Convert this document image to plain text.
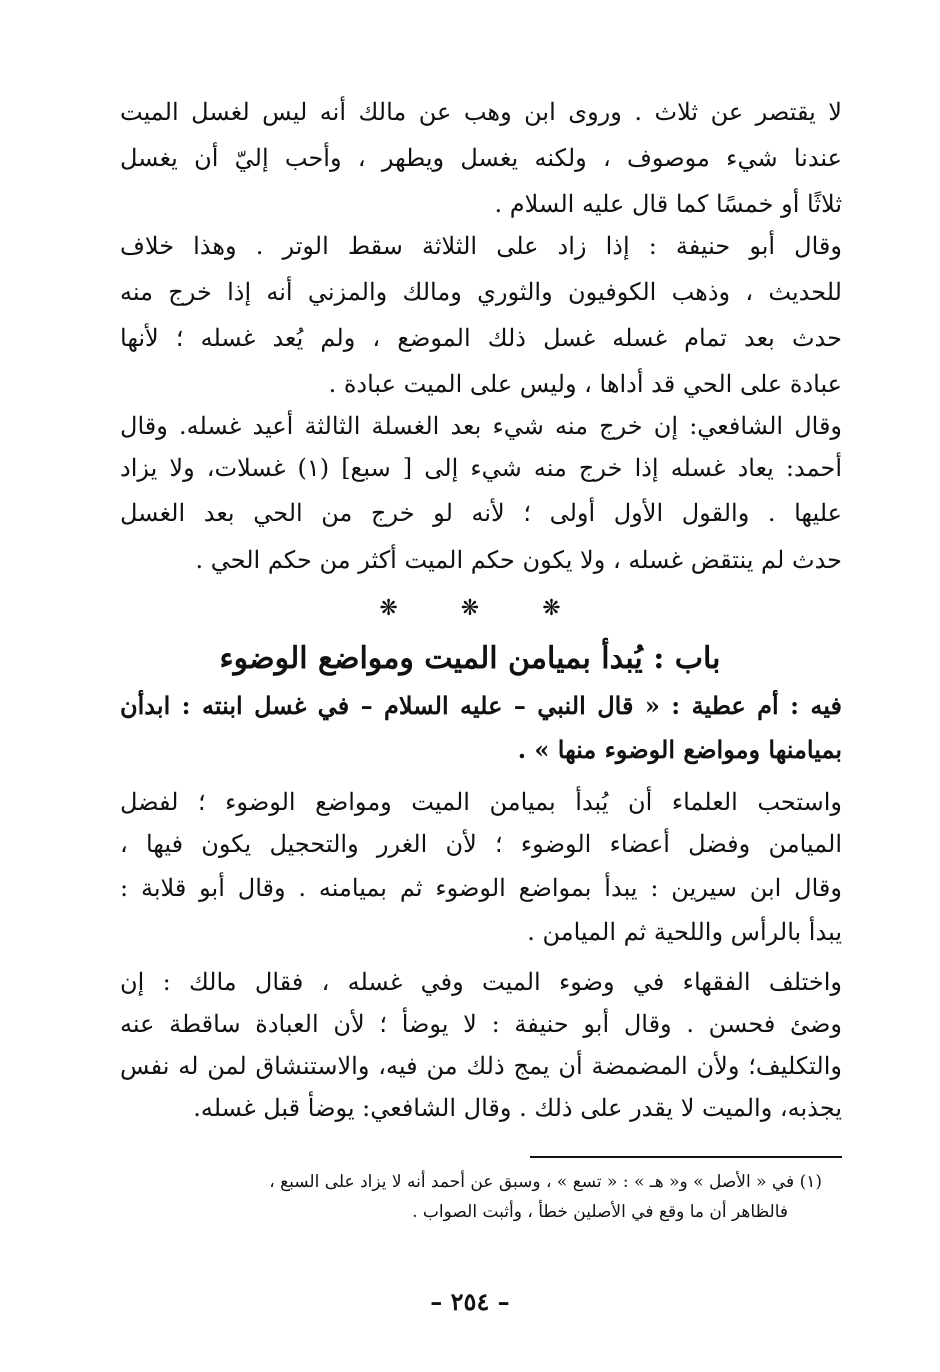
لا يقتصر عن ثلاث . وروى ابن وهب عن مالك أنه ليس لغسل الميت
عندنا شيء موصوف ، ولكنه يغسل ويطهر ، وأحب إليّ أن يغسل
ثلاثًا أو خمسًا كما قال عليه السلام .
وقال أبو حنيفة : إذا زاد على الثلاثة سقط الوتر . وهذا خلاف
للحديث ، وذهب الكوفيون والثوري ومالك والمزني أنه إذا خرج منه
حدث بعد تمام غسله غسل ذلك الموضع ، ولم يُعد غسله ؛ لأنها
عبادة على الحي قد أداها ، وليس على الميت عبادة .
وقال الشافعي: إن خرج منه شيء بعد الغسلة الثالثة أعيد غسله. وقال
أحمد: يعاد غسله إذا خرج منه شيء إلى [ سبع] (١) غسلات، ولا يزاد
عليها . والقول الأول أولى ؛ لأنه لو خرج من الحي بعد الغسل
حدث لم ينتقض غسله ، ولا يكون حكم الميت أكثر من حكم الحي .
❋	❋	❋
باب : يُبدأ بميامن الميت ومواضع الوضوء
فيه : أم عطية : « قال النبي – عليه السلام – في غسل ابنته : ابدأن
بميامنها ومواضع الوضوء منها » .
واستحب العلماء أن يُبدأ بميامن الميت ومواضع الوضوء ؛ لفضل
الميامن وفضل أعضاء الوضوء ؛ لأن الغرر والتحجيل يكون فيها ،
وقال ابن سيرين : يبدأ بمواضع الوضوء ثم بميامنه . وقال أبو قلابة :
يبدأ بالرأس واللحية ثم الميامن .
واختلف الفقهاء في وضوء الميت وفي غسله ، فقال مالك : إن
وضئ فحسن . وقال أبو حنيفة : لا يوضأ ؛ لأن العبادة ساقطة عنه
والتكليف؛ ولأن المضمضة أن يمج ذلك من فيه، والاستنشاق لمن له نفس
يجذبه، والميت لا يقدر على ذلك . وقال الشافعي: يوضأ قبل غسله.
(١) في « الأصل » و« هـ » : « تسع » ، وسبق عن أحمد أنه لا يزاد على السبع ،
فالظاهر أن ما وقع في الأصلين خطأ ، وأثبت الصواب .
– ٢٥٤ –
